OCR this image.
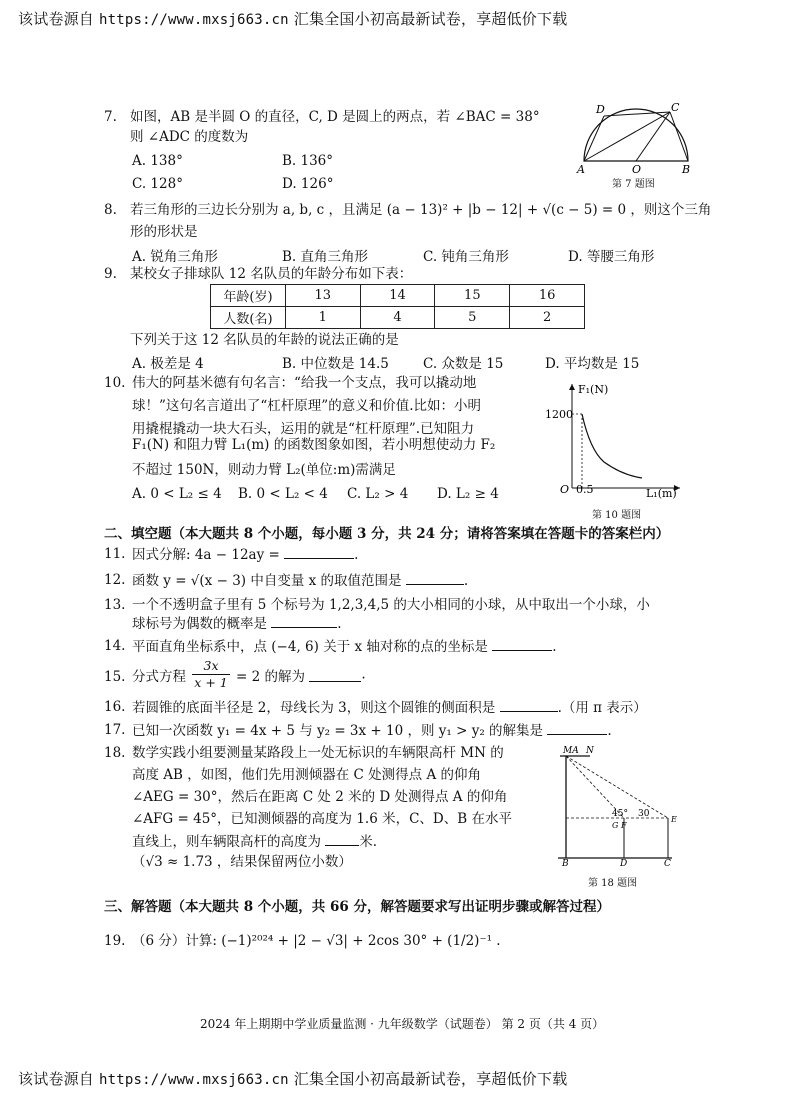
该试卷源自 https://www.mxsj663.cn 汇集全国小初高最新试卷，享超低价下载
7. 如图，AB 是半圆 O 的直径，C, D 是圆上的两点，若 ∠BAC = 38°
则 ∠ADC 的度数为
A. 138°	B. 136°
C. 128°	D. 126°
D	C
A	O	B
第 7 题图
8. 若三角形的三边长分别为 a, b, c ，且满足 (a − 13)² + |b − 12| + √(c − 5) = 0 ，则这个三角
形的形状是
A. 锐角三角形	B. 直角三角形	C. 钝角三角形	D. 等腰三角形
9. 某校女子排球队 12 名队员的年龄分布如下表：
年龄(岁)	13	14	15	16
人数(名)	1	4	5	2
下列关于这 12 名队员的年龄的说法正确的是
A. 极差是 4	B. 中位数是 14.5	C. 众数是 15	D. 平均数是 15
10. 伟大的阿基米德有句名言：“给我一个支点，我可以撬动地
球！”这句名言道出了“杠杆原理”的意义和价值.比如：小明
用撬棍撬动一块大石头，运用的就是“杠杆原理”.已知阻力
F₁(N) 和阻力臂 L₁(m) 的函数图象如图，若小明想使动力 F₂
不超过 150N，则动力臂 L₂(单位:m)需满足
A. 0 < L₂ ≤ 4 B. 0 < L₂ < 4 C. L₂ > 4 D. L₂ ≥ 4
F₁(N)
1200
O 0.5	L₁(m)
第 10 题图
二、填空题（本大题共 8 个小题，每小题 3 分，共 24 分；请将答案填在答题卡的答案栏内）
11. 因式分解: 4a − 12ay =	.
12. 函数 y = √(x − 3) 中自变量 x 的取值范围是	.
13. 一个不透明盒子里有 5 个标号为 1,2,3,4,5 的大小相同的小球，从中取出一个小球，小
球标号为偶数的概率是	.
14. 平面直角坐标系中，点 (−4, 6) 关于 x 轴对称的点的坐标是	.
15. 分式方程 $\frac{3x}{x + 1} = 2$ 的解为	.
16. 若圆锥的底面半径是 2，母线长为 3，则这个圆锥的侧面积是	.（用 π 表示）
17. 已知一次函数 y₁ = 4x + 5 与 y₂ = 3x + 10 ，则 y₁ > y₂ 的解集是	.
18. 数学实践小组要测量某路段上一处无标识的车辆限高杆 MN 的
高度 AB ，如图，他们先用测倾器在 C 处测得点 A 的仰角
∠AEG = 30°，然后在距离 C 处 2 米的 D 处测得点 A 的仰角
∠AFG = 45°，已知测倾器的高度为 1.6 米，C、D、B 在水平
直线上，则车辆限高杆的高度为	米.
（√3 ≈ 1.73 ，结果保留两位小数）
MA N
45° 30
G F
E
B	D	C
第 18 题图
三、解答题（本大题共 8 个小题，共 66 分，解答题要求写出证明步骤或解答过程）
19. （6 分）计算: (−1)²⁰²⁴ + |2 − √3| + 2cos 30° + (1/2)⁻¹ .
2024 年上期期中学业质量监测 · 九年级数学（试题卷） 第 2 页（共 4 页）
该试卷源自 https://www.mxsj663.cn 汇集全国小初高最新试卷，享超低价下载
